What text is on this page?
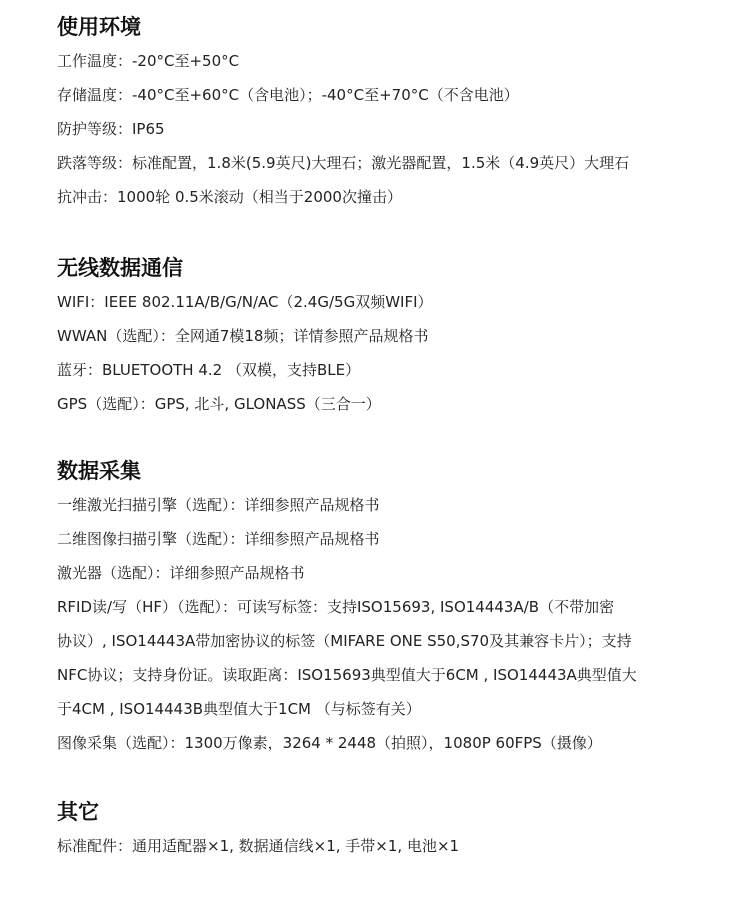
使用环境

工作温度：-20°C至+50°C

存储温度：-40°C至+60°C（含电池）；-40°C至+70°C（不含电池）

防护等级：IP65

跌落等级：标准配置，1.8米(5.9英尺)大理石；激光器配置，1.5米（4.9英尺）大理石

抗冲击：1000轮 0.5米滚动（相当于2000次撞击）

无线数据通信

WIFI：IEEE 802.11A/B/G/N/AC（2.4G/5G双频WIFI）

WWAN（选配）：全网通7模18频；详情参照产品规格书

蓝牙：BLUETOOTH 4.2 （双模，支持BLE）

GPS（选配）：GPS, 北斗, GLONASS（三合一）

数据采集

一维激光扫描引擎（选配）：详细参照产品规格书

二维图像扫描引擎（选配）：详细参照产品规格书

激光器（选配）：详细参照产品规格书

RFID读/写（HF）（选配）：可读写标签：支持ISO15693, ISO14443A/B（不带加密

协议）, ISO14443A带加密协议的标签（MIFARE ONE S50,S70及其兼容卡片）；支持

NFC协议；支持身份证。读取距离：ISO15693典型值大于6CM , ISO14443A典型值大

于4CM , ISO14443B典型值大于1CM （与标签有关）

图像采集（选配）：1300万像素，3264 * 2448（拍照），1080P 60FPS（摄像）

其它

标准配件：通用适配器×1, 数据通信线×1, 手带×1, 电池×1
